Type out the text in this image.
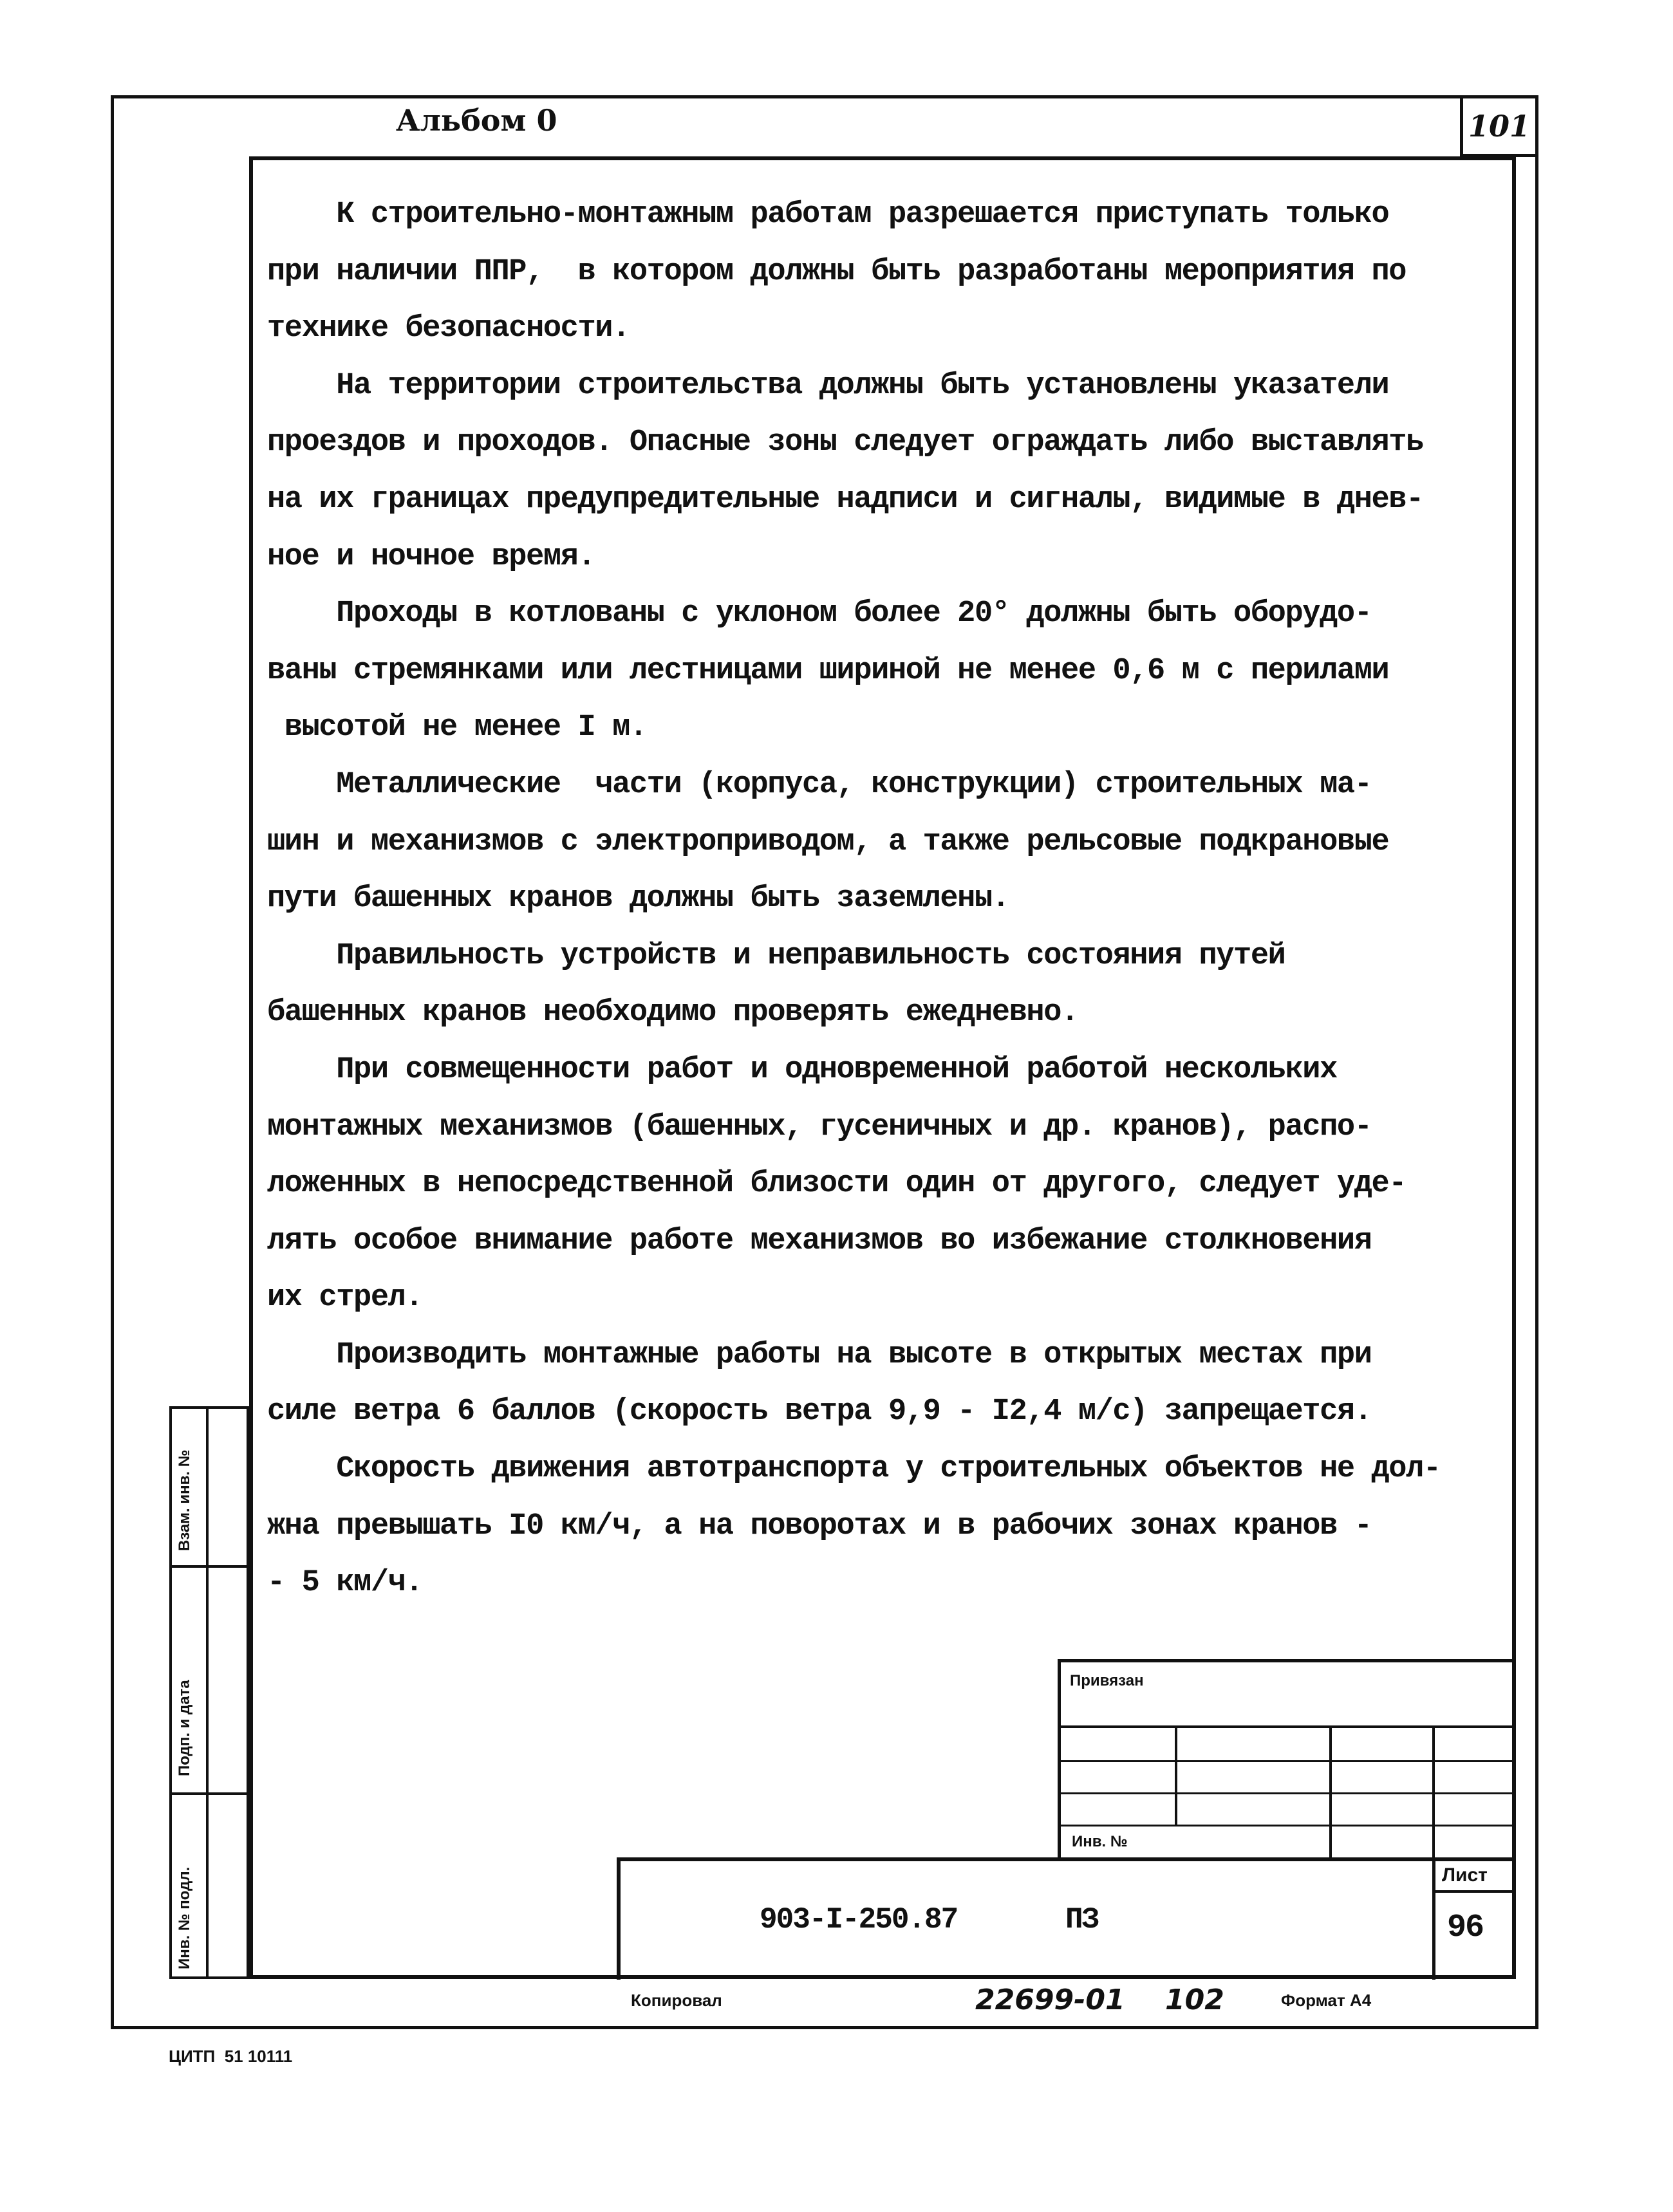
Альбом 0	101
К строительно-монтажным работам разрешается приступать только
при наличии ППР,  в котором должны быть разработаны мероприятия по
технике безопасности.
На территории строительства должны быть установлены указатели
проездов и проходов. Опасные зоны следует ограждать либо выставлять
на их границах предупредительные надписи и сигналы, видимые в днев-
ное и ночное время.
Проходы в котлованы с уклоном более 20° должны быть оборудо-
ваны стремянками или лестницами шириной не менее 0,6 м с перилами
высотой не менее I м.
Металлические  части (корпуса, конструкции) строительных ма-
шин и механизмов с электроприводом, а также рельсовые подкрановые
пути башенных кранов должны быть заземлены.
Правильность устройств и неправильность состояния путей
башенных кранов необходимо проверять ежедневно.
При совмещенности работ и одновременной работой нескольких
монтажных механизмов (башенных, гусеничных и др. кранов), распо-
ложенных в непосредственной близости один от другого, следует уде-
лять особое внимание работе механизмов во избежание столкновения
их стрел.
Производить монтажные работы на высоте в открытых местах при
силе ветра 6 баллов (скорость ветра 9,9 - I2,4 м/с) запрещается.
Скорость движения автотранспорта у строительных объектов не дол-
жна превышать I0 км/ч, а на поворотах и в рабочих зонах кранов -
- 5 км/ч.
Взам. инв. №
Подп. и дата
Инв. № подл.
Привязан
Инв. №
Лист
903-I-250.87	ПЗ	96
Копировал	22699-01 102	Формат А4
ЦИТП  51 10111
